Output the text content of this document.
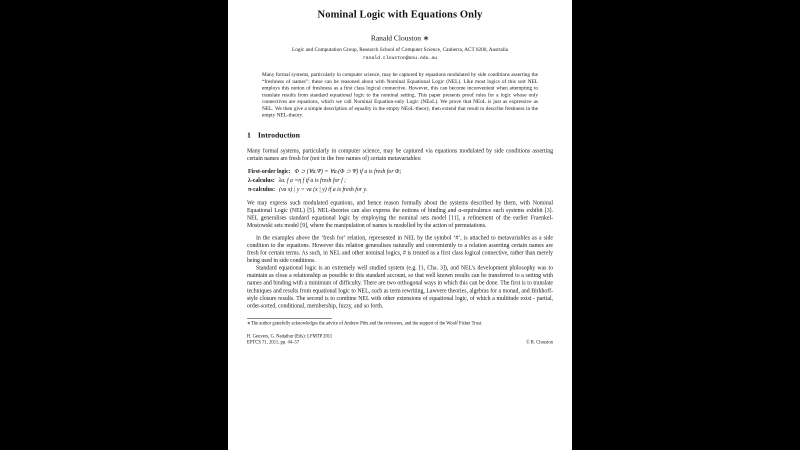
Nominal Logic with Equations Only
Ranald Clouston ∗
Logic and Computation Group, Research School of Computer Science, Canberra, ACT 0200, Australia
ranald.clouston@anu.edu.au
Many formal systems, particularly in computer science, may be captured by equations modulated by side conditions asserting the “freshness of names”; these can be reasoned about with Nominal Equational Logic (NEL). Like most logics of this sort NEL employs this notion of freshness as a first class logical connective. However, this can become inconvenient when attempting to translate results from standard equational logic to the nominal setting. This paper presents proof rules for a logic whose only connectives are equations, which we call Nominal Equation-only Logic (NEoL). We prove that NEoL is just as expressive as NEL. We then give a simple description of equality in the empty NEoL-theory, then extend that result to describe freshness in the empty NEL-theory.
1 Introduction

Many formal systems, particularly in computer science, may be captured via equations modulated by side conditions asserting certain names are fresh for (not in the free names of) certain metavariables:

First-order logic: Φ ⊃ (∀a.Ψ) = ∀a.(Φ ⊃ Ψ) if a is fresh for Φ;
λ-calculus: λa. f a =η f if a is fresh for f ;
π-calculus: (νa x) | y = νa (x | y) if a is fresh for y.

We may express such modulated equations, and hence reason formally about the systems described by them, with Nominal Equational Logic (NEL) [5]. NEL-theories can also express the notions of binding and α-equivalence such systems exhibit [3]. NEL generalises standard equational logic by employing the nominal sets model [11], a refinement of the earlier Fraenkel-Mostowski sets model [9], where the manipulation of names is modelled by the action of permutations.

In the examples above the ‘fresh for’ relation, represented in NEL by the symbol ‘#’, is attached to metavariables as a side condition to the equations. However this relation generalises naturally and conveniently to a relation asserting certain names are fresh for certain terms. As such, in NEL and other nominal logics, # is treated as a first class logical connective, rather than merely being used in side conditions.

Standard equational logic is an extremely well studied system (e.g. [1, Cha. 3]), and NEL’s development philosophy was to maintain as close a relationship as possible to this standard account, so that well known results can be transferred to a setting with names and binding with a minimum of difficulty. There are two orthogonal ways in which this can be done. The first is to translate techniques and results from equational logic to NEL, such as term rewriting, Lawvere theories, algebras for a monad, and Birkhoff-style closure results. The second is to combine NEL with other extensions of equational logic, of which a multitude exist - partial, order-sorted, conditional, membership, fuzzy, and so forth.

∗The author gratefully acknowledges the advice of Andrew Pitts and the reviewers, and the support of the Woolf Fisher Trust.
H. Geuvers, G. Nadathur (Eds): LFMTP 2011
EPTCS 71, 2011, pp. 44–57	© R. Clouston
